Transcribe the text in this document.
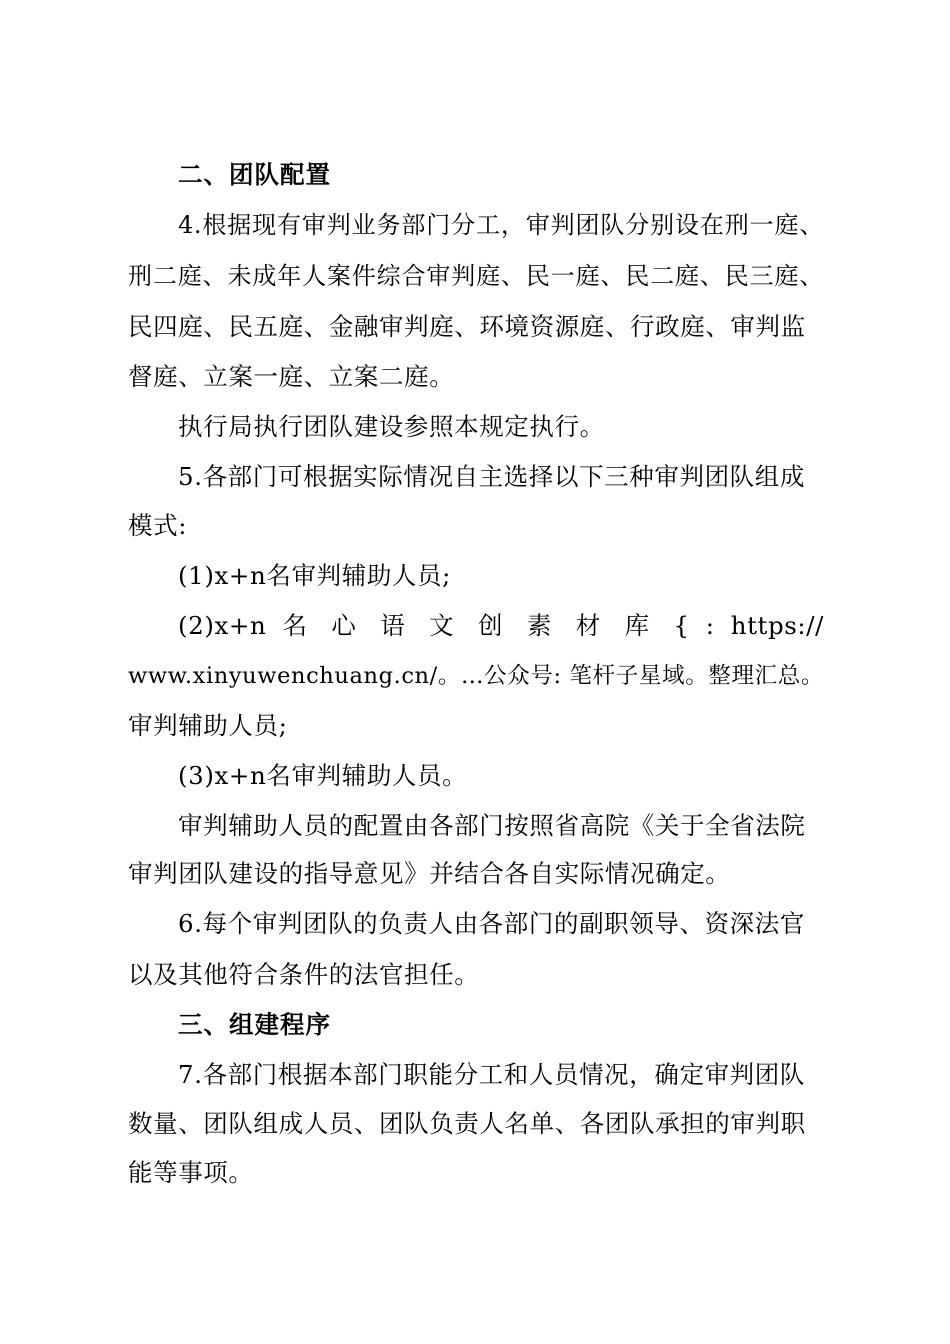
二、团队配置
4.根据现有审判业务部门分工，审判团队分别设在刑一庭、
刑二庭、未成年人案件综合审判庭、民一庭、民二庭、民三庭、
民四庭、民五庭、金融审判庭、环境资源庭、行政庭、审判监
督庭、立案一庭、立案二庭。
执行局执行团队建设参照本规定执行。
5.各部门可根据实际情况自主选择以下三种审判团队组成
模式:
(1)x+n名审判辅助人员;
(2)x+n 名 心 语 文 创 素 材 库 { : https://
www.xinyuwenchuang.cn/。…公众号: 笔杆子星域。整理汇总。
审判辅助人员;
(3)x+n名审判辅助人员。
审判辅助人员的配置由各部门按照省高院《关于全省法院
审判团队建设的指导意见》并结合各自实际情况确定。
6.每个审判团队的负责人由各部门的副职领导、资深法官
以及其他符合条件的法官担任。
三、组建程序
7.各部门根据本部门职能分工和人员情况，确定审判团队
数量、团队组成人员、团队负责人名单、各团队承担的审判职
能等事项。
